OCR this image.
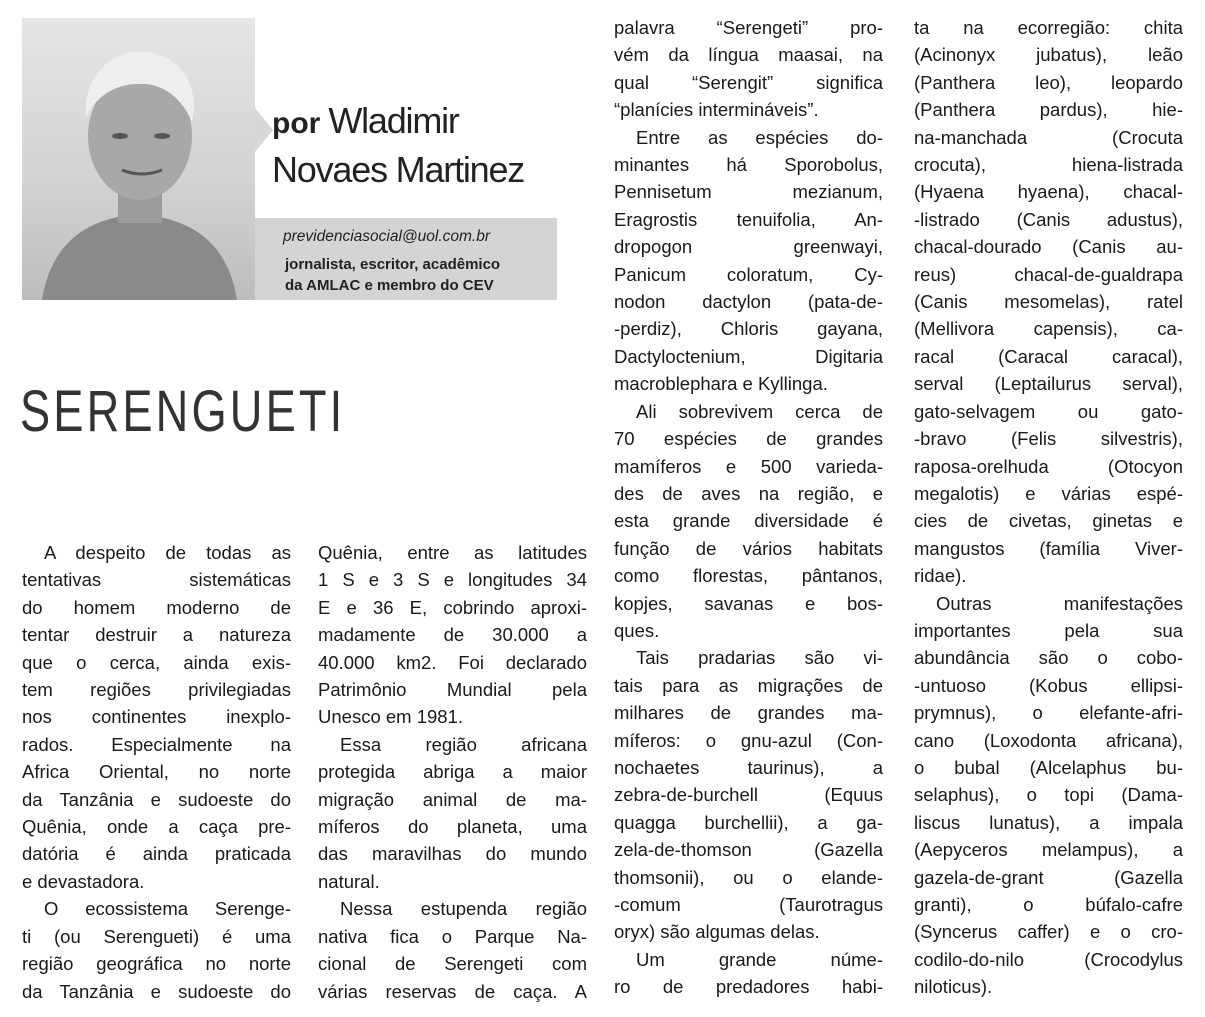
por Wladimir
Novaes Martinez
previdenciasocial@uol.com.br
jornalista, escritor, acadêmico
da AMLAC e membro do CEV
SERENGUETI
A despeito de todas as
tentativas sistemáticas
do homem moderno de
tentar destruir a natureza
que o cerca, ainda exis-
tem regiões privilegiadas
nos continentes inexplo-
rados. Especialmente na
Africa Oriental, no norte
da Tanzânia e sudoeste do
Quênia, onde a caça pre-
datória é ainda praticada
e devastadora.
O ecossistema Serenge-
ti (ou Serengueti) é uma
região geográfica no norte
da Tanzânia e sudoeste do
Quênia, entre as latitudes
1 S e 3 S e longitudes 34
E e 36 E, cobrindo aproxi-
madamente de 30.000 a
40.000 km2. Foi declarado
Patrimônio Mundial pela
Unesco em 1981.
Essa região africana
protegida abriga a maior
migração animal de ma-
míferos do planeta, uma
das maravilhas do mundo
natural.
Nessa estupenda região
nativa fica o Parque Na-
cional de Serengeti com
várias reservas de caça. A
palavra “Serengeti” pro-
vém da língua maasai, na
qual “Serengit” significa
“planícies intermináveis”.
Entre as espécies do-
minantes há Sporobolus,
Pennisetum mezianum,
Eragrostis tenuifolia, An-
dropogon greenwayi,
Panicum coloratum, Cy-
nodon dactylon (pata-de-
-perdiz), Chloris gayana,
Dactyloctenium, Digitaria
macroblephara e Kyllinga.
Ali sobrevivem cerca de
70 espécies de grandes
mamíferos e 500 varieda-
des de aves na região, e
esta grande diversidade é
função de vários habitats
como florestas, pântanos,
kopjes, savanas e bos-
ques.
Tais pradarias são vi-
tais para as migrações de
milhares de grandes ma-
míferos: o gnu-azul (Con-
nochaetes taurinus), a
zebra-de-burchell (Equus
quagga burchellii), a ga-
zela-de-thomson (Gazella
thomsonii), ou o elande-
-comum (Taurotragus
oryx) são algumas delas.
Um grande núme-
ro de predadores habi-
ta na ecorregião: chita
(Acinonyx jubatus), leão
(Panthera leo), leopardo
(Panthera pardus), hie-
na-manchada (Crocuta
crocuta), hiena-listrada
(Hyaena hyaena), chacal-
-listrado (Canis adustus),
chacal-dourado (Canis au-
reus) chacal-de-gualdrapa
(Canis mesomelas), ratel
(Mellivora capensis), ca-
racal (Caracal caracal),
serval (Leptailurus serval),
gato-selvagem ou gato-
-bravo (Felis silvestris),
raposa-orelhuda (Otocyon
megalotis) e várias espé-
cies de civetas, ginetas e
mangustos (família Viver-
ridae).
Outras manifestações
importantes pela sua
abundância são o cobo-
-untuoso (Kobus ellipsi-
prymnus), o elefante-afri-
cano (Loxodonta africana),
o bubal (Alcelaphus bu-
selaphus), o topi (Dama-
liscus lunatus), a impala
(Aepyceros melampus), a
gazela-de-grant (Gazella
granti), o búfalo-cafre
(Syncerus caffer) e o cro-
codilo-do-nilo (Crocodylus
niloticus).
